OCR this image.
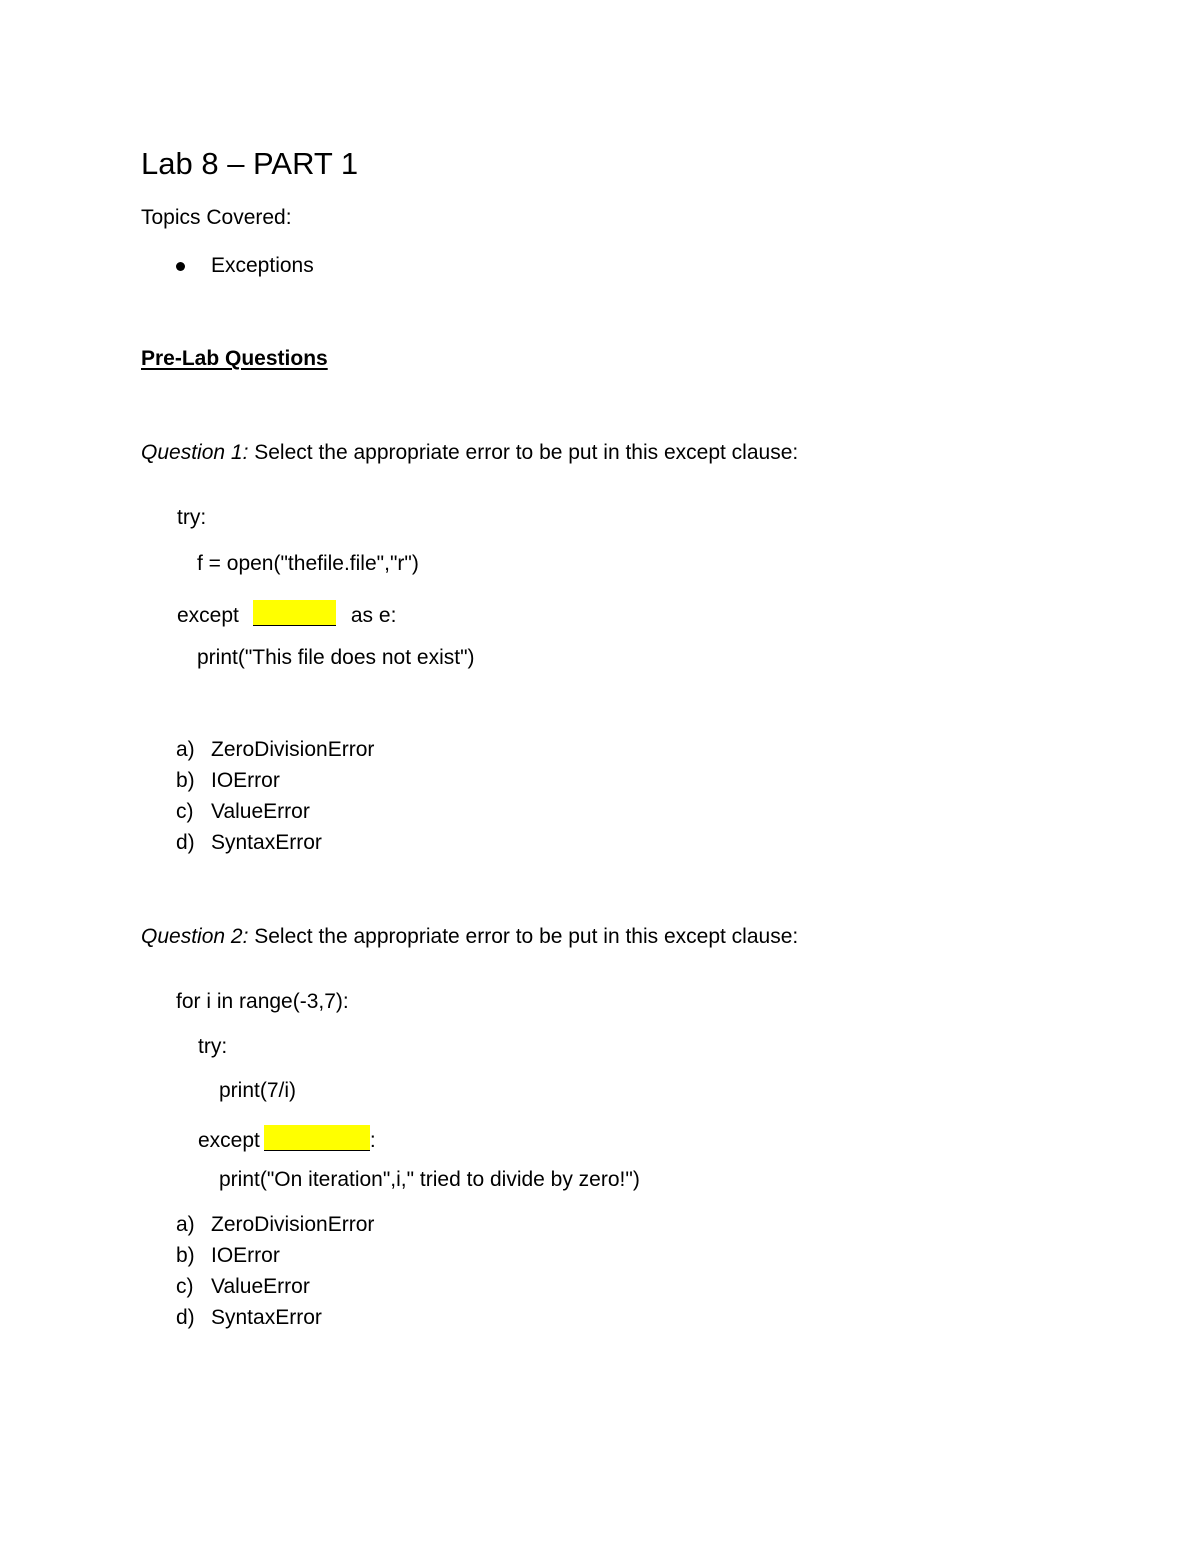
Lab 8 – PART 1
Topics Covered:
Exceptions
Pre-Lab Questions
Question 1: Select the appropriate error to be put in this except clause:
try:
f = open("thefile.file","r")
except	as e:
print("This file does not exist")
a) ZeroDivisionError
b) IOError
c) ValueError
d) SyntaxError
Question 2: Select the appropriate error to be put in this except clause:
for i in range(-3,7):
try:
print(7/i)
except	:
print("On iteration",i," tried to divide by zero!")
a) ZeroDivisionError
b) IOError
c) ValueError
d) SyntaxError
